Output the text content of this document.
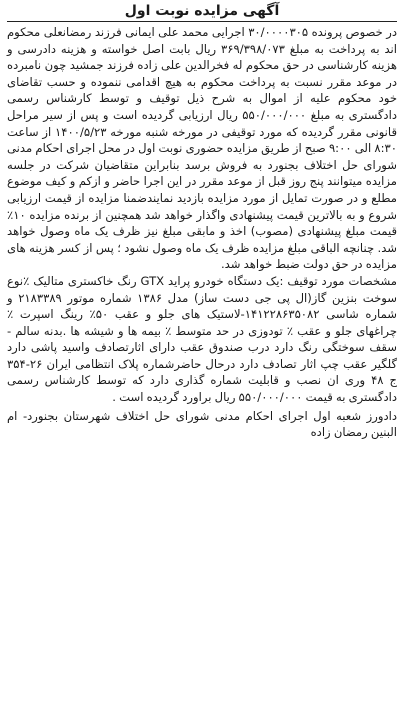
آگهی مزایده نوبت اول

در خصوص پرونده ۳۰/۰۰۰۰۳۰۵ اجرایی محمد علی ایمانی فرزند رمضانعلی محکوم اند به پرداخت به مبلغ ۳۶۹/۳۹۸/۰۷۳ ریال بابت اصل خواسته و هزینه دادرسی و هزینه کارشناسی در حق محکوم له فخرالدین علی زاده فرزند جمشید چون نامبرده در موعد مقرر نسبت به پرداخت محکوم به هیچ اقدامی ننموده و حسب تقاضای خود محکوم علیه از اموال به شرح ذیل توقیف و توسط کارشناس رسمی دادگستری به مبلغ ۵۵۰/۰۰۰/۰۰۰ ریال ارزیابی گردیده است و پس از سیر مراحل قانونی مقرر گردیده که مورد توقیفی در مورخه شنبه مورخه ۱۴۰۰/۵/۲۳ از ساعت ۸:۳۰ الی ۹:۰۰ صبح از طریق مزایده حضوری نوبت اول در محل اجرای احکام مدنی شورای حل اختلاف بجنورد به فروش برسد بنابراین متقاضیان شرکت در جلسه مزایده میتوانند پنج روز قبل از موعد مقرر در این اجرا حاضر و ازکم و کیف موضوع مطلع و در صورت تمایل از مورد مزایده بازدید نمایندضمنا مزایده از قیمت ارزیابی شروع و به بالاترین قیمت پیشنهادی واگذار خواهد شد همچنین از برنده مزایده ۱۰٪ قیمت مبلغ پیشنهادی (مصوب) اخذ و مابقی مبلغ نیز ظرف یک ماه وصول خواهد شد. چنانچه الباقی مبلغ مزایده ظرف یک ماه وصول نشود ؛ پس از کسر هزینه های مزایده در حق دولت ضبط خواهد شد.

مشخصات مورد توقیف :یک دستگاه خودرو پراید GTX رنگ خاکستری متالیک ٪نوع سوخت بنزین گاز(ال پی جی دست ساز) مدل ۱۳۸۶ شماره موتور ۲۱۸۳۳۸۹ و شماره شاسی ۱۴۱۲۲۸۶۳۵۰۸۲-لاستیک های جلو و عقب ۵۰٪ رینگ اسپرت ٪ چراغهای جلو و عقب ٪ تودوزی در حد متوسط ٪ بیمه ها و شیشه ها .بدنه سالم - سقف سوختگی رنگ دارد درب صندوق عقب دارای اثارتصادف واسید پاشی دارد گلگیر عقب چپ اثار تصادف دارد درحال حاضرشماره پلاک انتظامی ایران ۲۶-۳۵۴ ج ۴۸ وری ان نصب و قابلیت شماره گذاری دارد که توسط کارشناس رسمی دادگستری به قیمت ۵۵۰/۰۰۰/۰۰۰ ریال براورد گردیده است .

دادورز شعبه اول اجرای احکام مدنی شورای حل اختلاف شهرستان بجنورد- ام البنین رمضان زاده
